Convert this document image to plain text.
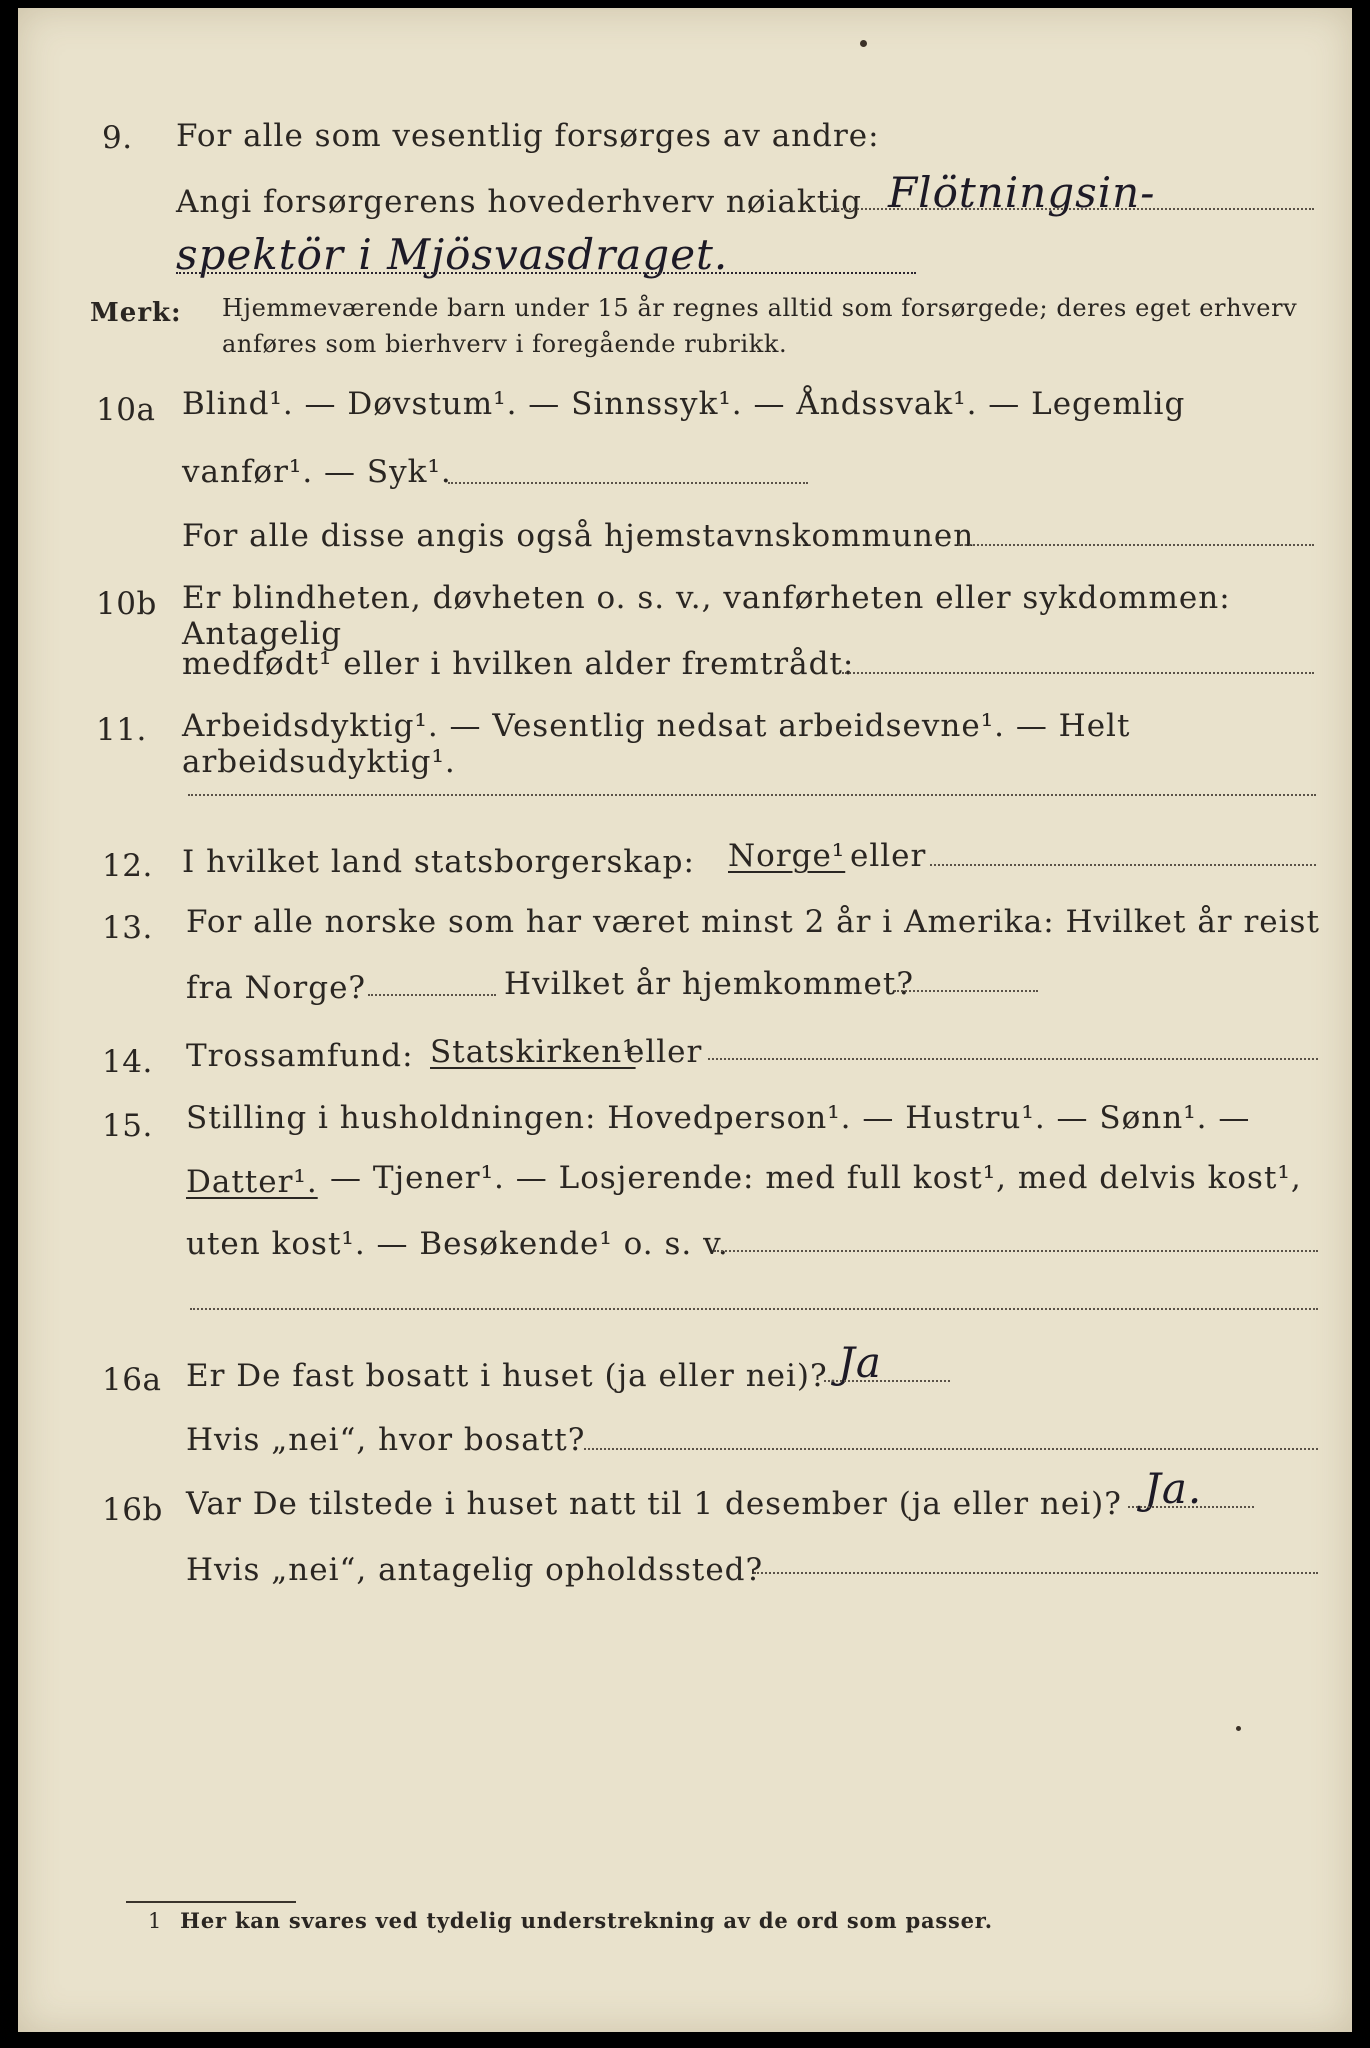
9. For alle som vesentlig forsørges av andre:
Angi forsørgerens hovederhverv nøiaktig Flötningsin-
spektör i Mjösvasdraget.
Merk: Hjemmeværende barn under 15 år regnes alltid som forsørgede; deres eget erhverv
anføres som bierhverv i foregående rubrikk.
10a Blind¹. — Døvstum¹. — Sinnssyk¹. — Åndssvak¹. — Legemlig
vanfør¹. — Syk¹.
For alle disse angis også hjemstavnskommunen
10b Er blindheten, døvheten o. s. v., vanførheten eller sykdommen: Antagelig
medfødt¹ eller i hvilken alder fremtrådt:
11. Arbeidsdyktig¹. — Vesentlig nedsat arbeidsevne¹. — Helt arbeidsudyktig¹.
12. I hvilket land statsborgerskap: Norge¹ eller
13. For alle norske som har været minst 2 år i Amerika: Hvilket år reist
fra Norge?	Hvilket år hjemkommet?
14. Trossamfund: Statskirken¹
eller
15. Stilling i husholdningen: Hovedperson¹. — Hustru¹. — Sønn¹. —
Datter¹. — Tjener¹. — Losjerende: med full kost¹, med delvis kost¹,
uten kost¹. — Besøkende¹ o. s. v.
16a Er De fast bosatt i huset (ja eller nei)? Ja
Hvis „nei“, hvor bosatt?
16b Var De tilstede i huset natt til 1 desember (ja eller nei)? Ja.
Hvis „nei“, antagelig opholdssted?
1 Her kan svares ved tydelig understrekning av de ord som passer.
